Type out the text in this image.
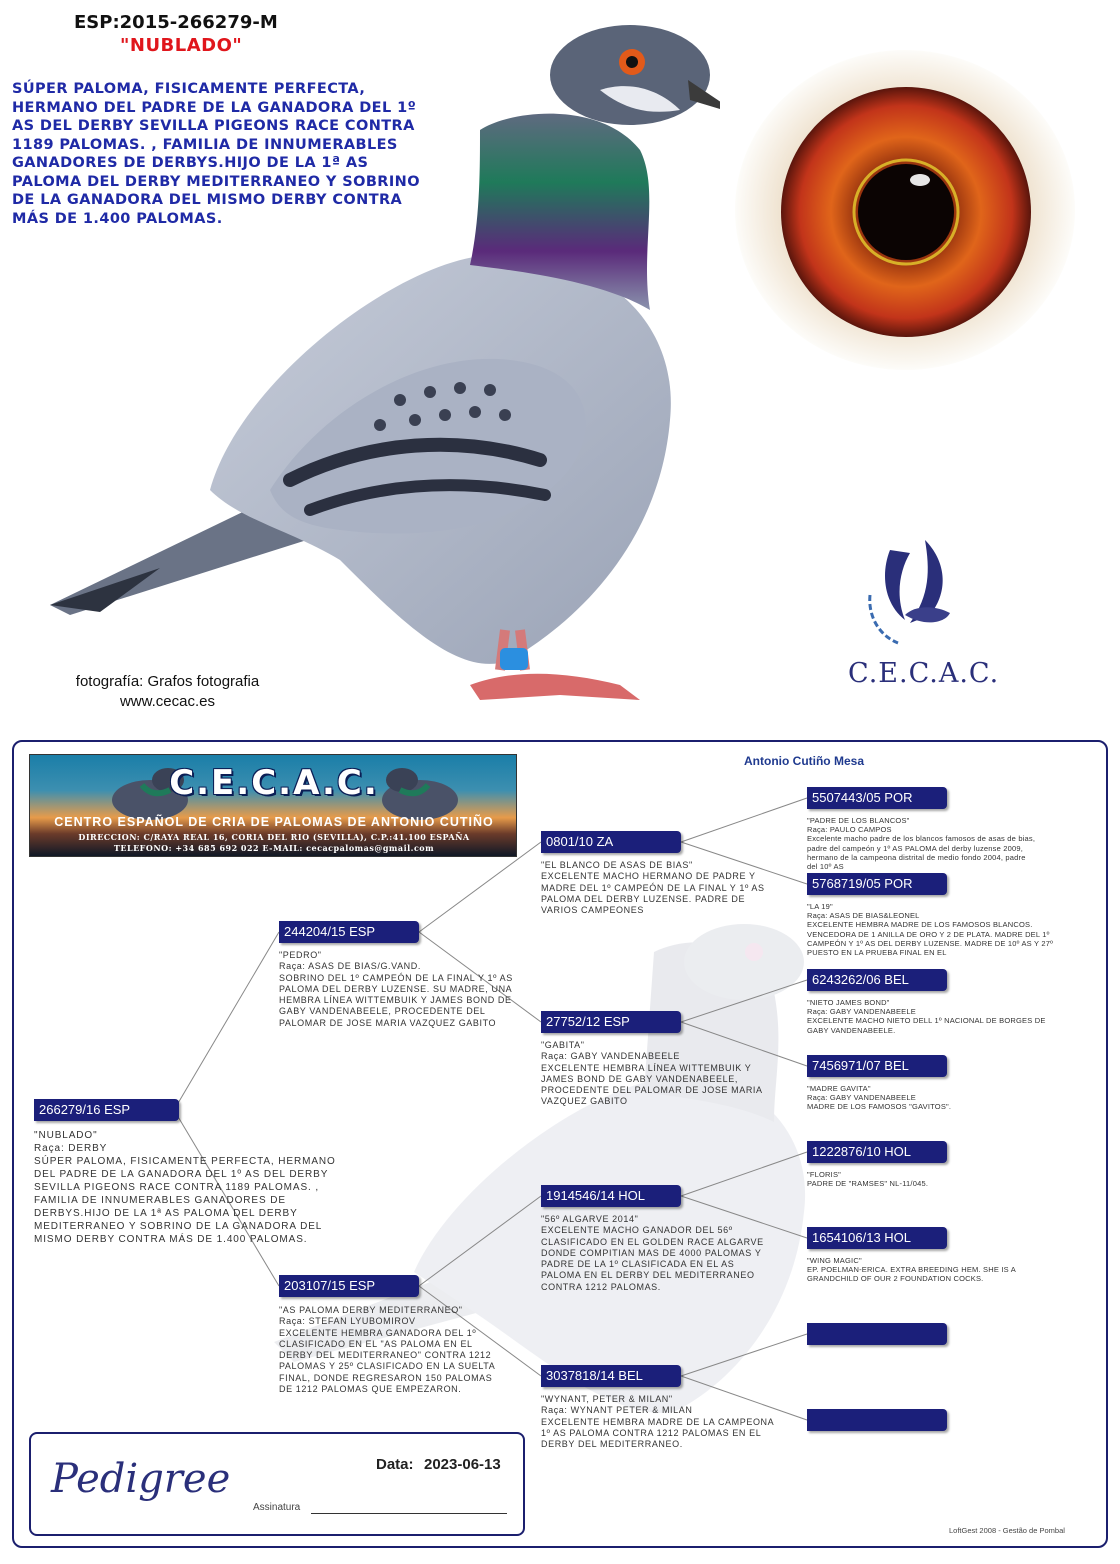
C.E.C.A.C.
ESP:2015-266279-M
"NUBLADO"
SÚPER PALOMA, FISICAMENTE PERFECTA, HERMANO DEL PADRE DE LA GANADORA DEL 1º AS DEL DERBY SEVILLA PIGEONS RACE CONTRA 1189 PALOMAS. , FAMILIA DE INNUMERABLES GANADORES DE DERBYS.HIJO DE LA 1ª AS PALOMA DEL DERBY MEDITERRANEO Y SOBRINO DE LA GANADORA DEL MISMO DERBY CONTRA MÁS DE 1.400 PALOMAS.
fotografía: Grafos fotografia
www.cecac.es
Antonio Cutiño Mesa
C.E.C.A.C.
CENTRO ESPAÑOL DE CRIA DE PALOMAS DE ANTONIO CUTIÑO
DIRECCION: C/RAYA REAL 16, CORIA DEL RIO (SEVILLA), C.P.:41.100 ESPAÑA
TELEFONO: +34 685 692 022 E-MAIL: cecacpalomas@gmail.com
266279/16 ESP
"NUBLADO"
Raça: DERBY
SÚPER PALOMA, FISICAMENTE PERFECTA, HERMANO DEL PADRE DE LA GANADORA DEL 1º AS DEL DERBY SEVILLA PIGEONS RACE CONTRA 1189 PALOMAS. , FAMILIA DE INNUMERABLES GANADORES DE DERBYS.HIJO DE LA 1ª AS PALOMA DEL DERBY MEDITERRANEO Y SOBRINO DE LA GANADORA DEL MISMO DERBY CONTRA MÁS DE 1.400 PALOMAS.
244204/15 ESP
"PEDRO"
Raça: ASAS DE BIAS/G.VAND.
SOBRINO DEL 1º CAMPEÓN DE LA FINAL Y 1º AS PALOMA DEL DERBY LUZENSE. SU MADRE, UNA HEMBRA LÍNEA WITTEMBUIK Y JAMES BOND DE GABY VANDENABEELE, PROCEDENTE DEL PALOMAR DE JOSE MARIA VAZQUEZ GABITO
203107/15 ESP
"AS PALOMA DERBY MEDITERRANEO"
Raça: STEFAN LYUBOMIROV
EXCELENTE HEMBRA GANADORA DEL 1º CLASIFICADO EN EL "AS PALOMA EN EL DERBY DEL MEDITERRANEO" CONTRA 1212 PALOMAS Y 25º CLASIFICADO EN LA SUELTA FINAL, DONDE REGRESARON 150 PALOMAS DE 1212 PALOMAS QUE EMPEZARON.
0801/10 ZA
"EL BLANCO DE ASAS DE BIAS"
EXCELENTE MACHO HERMANO DE PADRE Y MADRE DEL 1º CAMPEÓN DE LA FINAL Y 1º AS PALOMA DEL DERBY LUZENSE. PADRE DE VARIOS CAMPEONES
27752/12 ESP
"GABITA"
Raça: GABY VANDENABEELE
EXCELENTE HEMBRA LÍNEA WITTEMBUIK Y JAMES BOND DE GABY VANDENABEELE, PROCEDENTE DEL PALOMAR DE JOSE MARIA VAZQUEZ GABITO
1914546/14 HOL
"56º ALGARVE 2014"
EXCELENTE MACHO GANADOR DEL 56º CLASIFICADO EN EL GOLDEN RACE ALGARVE DONDE COMPITIAN MAS DE 4000 PALOMAS Y PADRE DE LA 1º CLASIFICADA EN EL AS PALOMA EN EL DERBY DEL MEDITERRANEO CONTRA 1212 PALOMAS.
3037818/14 BEL
"WYNANT, PETER & MILAN"
Raça: WYNANT PETER & MILAN
EXCELENTE HEMBRA MADRE DE LA CAMPEONA 1º AS PALOMA CONTRA 1212 PALOMAS EN EL DERBY DEL MEDITERRANEO.
5507443/05 POR
"PADRE DE LOS BLANCOS"
Raça: PAULO CAMPOS
Excelente macho padre de los blancos famosos de asas de bias, padre del campeón y 1º AS PALOMA del derby luzense 2009, hermano de la campeona distrital de medio fondo 2004, padre del 10º AS
5768719/05 POR
"LA 19"
Raça: ASAS DE BIAS&LEONEL
EXCELENTE HEMBRA MADRE DE LOS FAMOSOS BLANCOS. VENCEDORA DE 1 ANILLA DE ORO Y 2 DE PLATA. MADRE DEL 1º CAMPEÓN Y 1º AS DEL DERBY LUZENSE. MADRE DE 10º AS Y 27º PUESTO EN LA PRUEBA FINAL EN EL
6243262/06 BEL
"NIETO JAMES BOND"
Raça: GABY VANDENABEELE
EXCELENTE MACHO NIETO DELL 1º NACIONAL DE BORGES DE GABY VANDENABEELE.
7456971/07 BEL
"MADRE GAVITA"
Raça: GABY VANDENABEELE
MADRE DE LOS FAMOSOS "GAVITOS".
1222876/10 HOL
"FLORIS"
PADRE DE "RAMSES" NL-11/045.
1654106/13 HOL
"WING MAGIC"
EP. POELMAN-ERICA. EXTRA BREEDING HEM. SHE IS A GRANDCHILD OF OUR 2 FOUNDATION COCKS.
Pedigree	Data: 2023-06-13
Assinatura
LoftGest 2008 - Gestão de Pombal
